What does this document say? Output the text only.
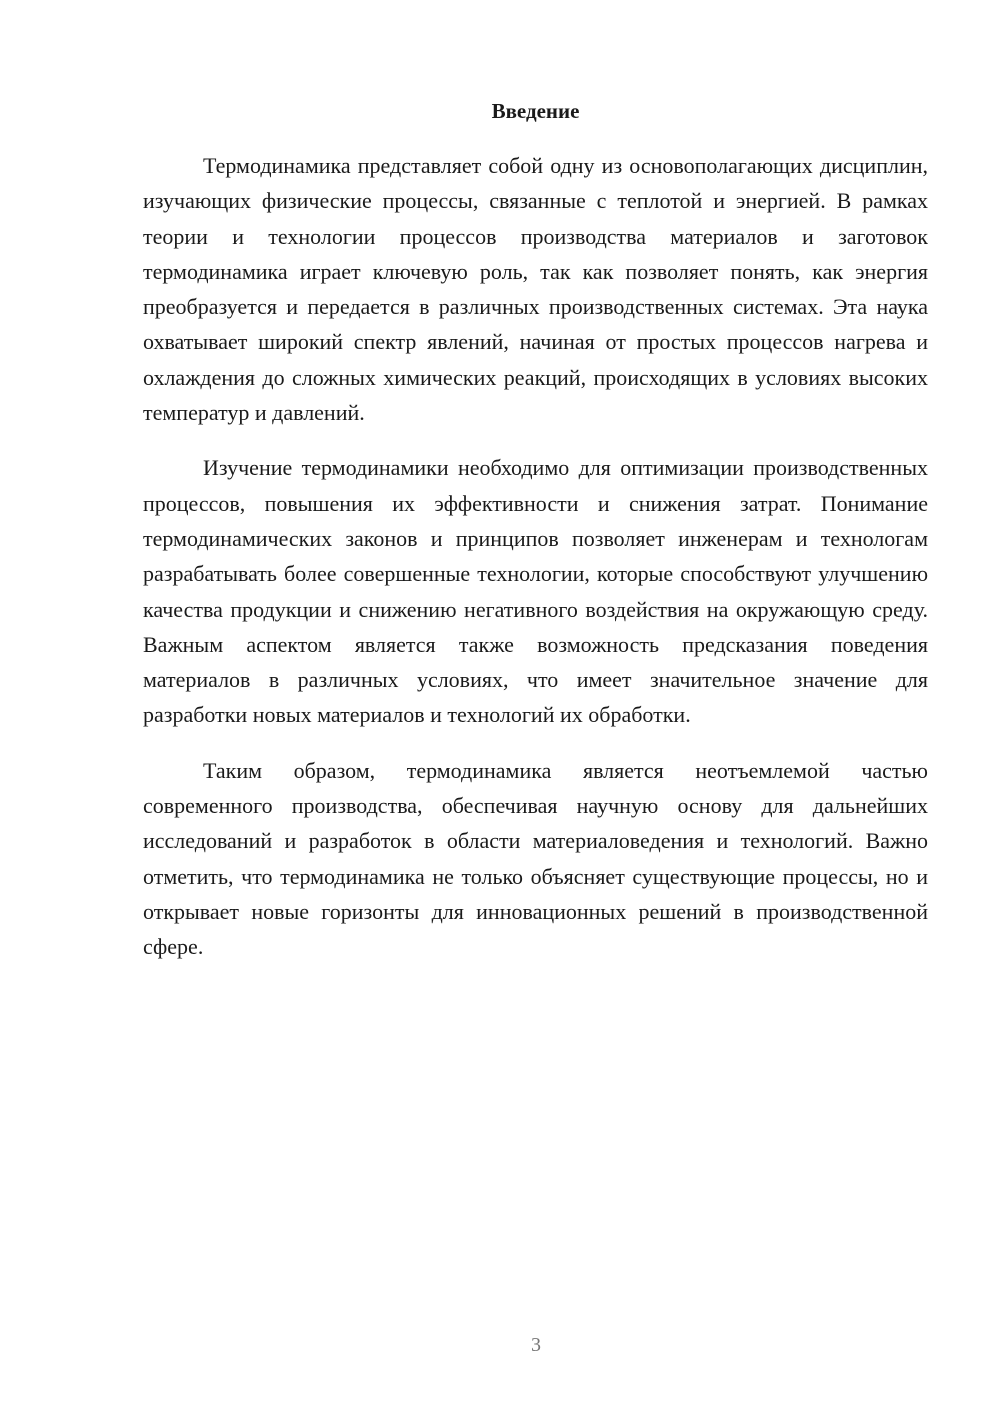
Введение

Термодинамика представляет собой одну из основополагающих дисциплин, изучающих физические процессы, связанные с теплотой и энергией. В рамках теории и технологии процессов производства материалов и заготовок термодинамика играет ключевую роль, так как позволяет понять, как энергия преобразуется и передается в различных производственных системах. Эта наука охватывает широкий спектр явлений, начиная от простых процессов нагрева и охлаждения до сложных химических реакций, происходящих в условиях высоких температур и давлений.

Изучение термодинамики необходимо для оптимизации производственных процессов, повышения их эффективности и снижения затрат. Понимание термодинамических законов и принципов позволяет инженерам и технологам разрабатывать более совершенные технологии, которые способствуют улучшению качества продукции и снижению негативного воздействия на окружающую среду. Важным аспектом является также возможность предсказания поведения материалов в различных условиях, что имеет значительное значение для разработки новых материалов и технологий их обработки.

Таким образом, термодинамика является неотъемлемой частью современного производства, обеспечивая научную основу для дальнейших исследований и разработок в области материаловедения и технологий. Важно отметить, что термодинамика не только объясняет существующие процессы, но и открывает новые горизонты для инновационных решений в производственной сфере.

3
